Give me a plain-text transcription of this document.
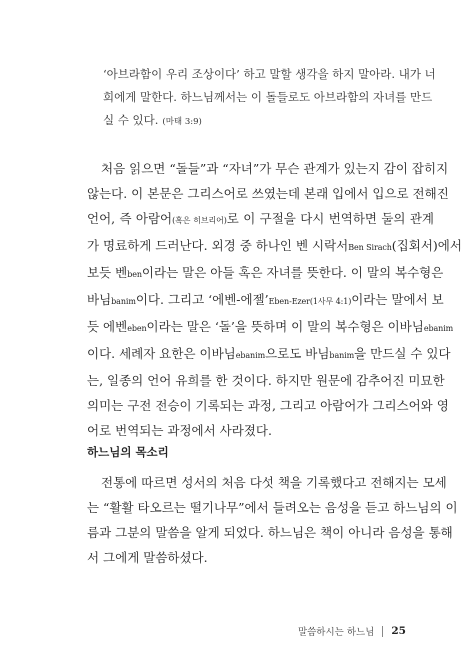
‘아브라함이 우리 조상이다’ 하고 말할 생각을 하지 말아라. 내가 너
희에게 말한다. 하느님께서는 이 돌들로도 아브라함의 자녀를 만드
실 수 있다. (마태 3:9)
처음 읽으면 “돌들”과 “자녀”가 무슨 관계가 있는지 감이 잡히지
않는다. 이 본문은 그리스어로 쓰였는데 본래 입에서 입으로 전해진
언어, 즉 아람어(혹은 히브리어)로 이 구절을 다시 번역하면 둘의 관계
가 명료하게 드러난다. 외경 중 하나인 벤 시락서Ben Sirach(집회서)에서
보듯 벤ben이라는 말은 아들 혹은 자녀를 뜻한다. 이 말의 복수형은
바님banim이다. 그리고 ‘에벤-에젤’Eben-Ezer(1사무 4:1)이라는 말에서 보
듯 에벤eben이라는 말은 ‘돌’을 뜻하며 이 말의 복수형은 이바님ebanim
이다. 세례자 요한은 이바님ebanim으로도 바님banim을 만드실 수 있다
는, 일종의 언어 유희를 한 것이다. 하지만 원문에 감추어진 미묘한
의미는 구전 전승이 기록되는 과정, 그리고 아람어가 그리스어와 영
어로 번역되는 과정에서 사라졌다.
하느님의 목소리
전통에 따르면 성서의 처음 다섯 책을 기록했다고 전해지는 모세
는 “활활 타오르는 떨기나무”에서 들려오는 음성을 듣고 하느님의 이
름과 그분의 말씀을 알게 되었다. 하느님은 책이 아니라 음성을 통해
서 그에게 말씀하셨다.
말씀하시는 하느님 25
